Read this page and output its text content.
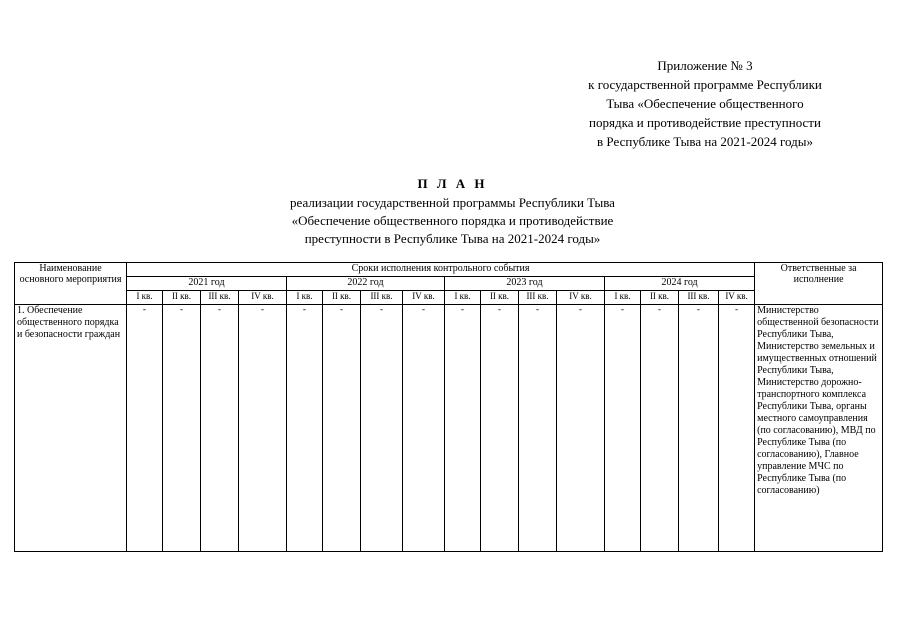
Приложение № 3
к государственной программе Республики
Тыва «Обеспечение общественного
порядка и противодействие преступности
в Республике Тыва на 2021-2024 годы»
П Л А Н
реализации государственной программы Республики Тыва
«Обеспечение общественного порядка и противодействие
преступности в Республике Тыва на 2021-2024 годы»
Наименование основного мероприятия	Сроки исполнения контрольного события																Ответственные за исполнение
	2021 год				2022 год				2023 год				2024 год				
	I кв.	II кв.	III кв.	IV кв.	I кв.	II кв.	III кв.	IV кв.	I кв.	II кв.	III кв.	IV кв.	I кв.	II кв.	III кв.	IV кв.	
1. Обеспечение общественного порядка и безопасности граждан	-	-	-	-	-	-	-	-	-	-	-	-	-	-	-	-	Министерство общественной безопасности Республики Тыва, Министерство земельных и имущественных отношений Республики Тыва, Министерство дорожно-транспортного комплекса Республики Тыва, органы местного самоуправления (по согласованию), МВД по Республике Тыва (по согласованию), Главное управление МЧС по Республике Тыва (по согласованию)
